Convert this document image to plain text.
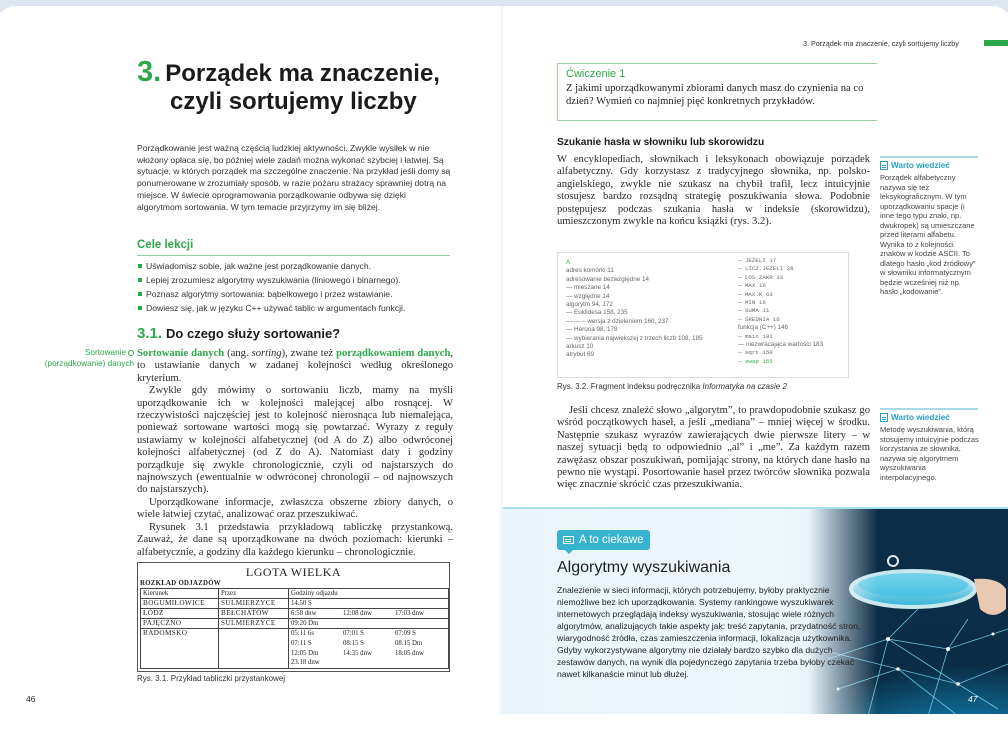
3. Porządek ma znaczenie,
czyli sortujemy liczby

Porządkowanie jest ważną częścią ludzkiej aktywności. Zwykle wysiłek w nie włożony opłaca się, bo później wiele zadań można wykonać szybciej i łatwiej. Są sytuacje, w których porządek ma szczególne znaczenie. Na przykład jeśli domy są ponumerowane w zrozumiały sposób, w razie pożaru strażacy sprawniej dotrą na miejsce. W świecie oprogramowania porządkowanie odbywa się dzięki algorytmom sortowania. W tym temacie przyjrzymy im się bliżej.

Cele lekcji
Uświadomisz sobie, jak ważne jest porządkowanie danych.
Lepiej zrozumiesz algorytmy wyszukiwania (liniowego i binarnego).
Poznasz algorytmy sortowania: bąbelkowego i przez wstawianie.
Dowiesz się, jak w języku C++ używać tablic w argumentach funkcji.
3.1. Do czego służy sortowanie?
Sortowanie
(porządkowanie) danych

Sortowanie danych (ang. sorting), zwane też porządkowaniem danych, to ustawianie danych w zadanej kolejności według określonego kryterium.

Zwykle gdy mówimy o sortowaniu liczb, mamy na myśli uporządkowanie ich w kolejności malejącej albo rosnącej. W rzeczywistości najczęściej jest to kolejność nierosnąca lub niemalejąca, ponieważ sortowane wartości mogą się powtarzać. Wyrazy z reguły ustawiamy w kolejności alfabetycznej (od A do Z) albo odwróconej kolejności alfabetycznej (od Z do A). Natomiast daty i godziny porządkuje się zwykle chronologicznie, czyli od najstarszych do najnowszych (ewentualnie w odwróconej chronologii – od najnowszych do najstarszych).

Uporządkowane informacje, zwłaszcza obszerne zbiory danych, o wiele łatwiej czytać, analizować oraz przeszukiwać.

Rysunek 3.1 przedstawia przykładową tabliczkę przystankową. Zauważ, że dane są uporządkowane na dwóch poziomach: kierunki – alfabetycznie, a godziny dla każdego kierunku – chronologicznie.

LGOTA WIELKA
ROZKŁAD ODJAZDÓW
Kierunek	Przez	Godziny odjazdu
BOGUMIŁOWICE	SULMIERZYCE	14.50 S
ŁÓDŹ	BEŁCHATÓW	6:58 dnw 12:08 dnw 17:03 dnw
PAJĘCZNO	SULMIERZYCE	09:20 Dm
RADOMSKO		05:11 6s 07:01 S 07:09 S
07:11 S 08:15 S 08.15 Dm
12:05 Dm 14:35 dnw 18:05 dnw
23.18 dnw
Rys. 3.1. Przykład tabliczki przystankowej
46
3. Porządek ma znaczenie, czyli sortujemy liczby
Ćwiczenie 1
Z jakimi uporządkowanymi zbiorami danych masz do czynienia na co dzień? Wymień co najmniej pięć konkretnych przykładów.
Szukanie hasła w słowniku lub skorowidzu

W encyklopediach, słownikach i leksykonach obowiązuje porządek alfabetyczny. Gdy korzystasz z tradycyjnego słownika, np. polsko-angielskiego, zwykle nie szukasz na chybił trafił, lecz intuicyjnie stosujesz bardzo rozsądną strategię poszukiwania słowa. Podobnie postępujesz podczas szukania hasła w indeksie (skorowidzu), umieszczonym zwykle na końcu książki (rys. 3.2).

A
adres komórki 11
adresowanie bezwzględne 14
— mieszane 14
— względne 14
algorytm 94, 172
— Euklidesa 158, 235
— — – wersja z dzieleniem 160, 237
— Herona 98, 178
— wybierania największej z trzech liczb 108, 185
arkusz 10
atrybut 69
— JEŻELI 17
— LICZ.JEŻELI 28
— LOS.ZAKR 33
— MAX 16
— MAX.K 63
— MIN 16
— SUMA 11
— ŚREDNIA 16
funkcja (C++) 146
— main 101
— niezwracająca wartości 183
— sqrt 150
— swap 155
Rys. 3.2. Fragment indeksu podręcznika Informatyka na czasie 2

Jeśli chcesz znaleźć słowo „algorytm”, to prawdopodobnie szukasz go wśród początkowych haseł, a jeśli „mediana” – mniej więcej w środku. Następnie szukasz wyrazów zawierających dwie pierwsze litery – w naszej sytuacji będą to odpowiednio „al” i „me”. Za każdym razem zawężasz obszar poszukiwań, pomijając strony, na których dane hasło na pewno nie wystąpi. Posortowanie haseł przez twórców słownika pozwala więc znacznie skrócić czas przeszukiwania.

Warto wiedzieć
Porządek alfabetyczny nazywa się też leksykograficznym. W tym uporządkowaniu spacje (i inne tego typu znaki, np. dwukropek) są umieszczane przed literami alfabetu. Wynika to z kolejności znaków w kodzie ASCII. To dlatego hasło „kod źródłowy” w słowniku informatycznym będzie wcześniej niż np. hasło „kodowanie”.
Warto wiedzieć
Metodę wyszukiwania, którą stosujemy intuicyjnie podczas korzystania ze słownika, nazywa się algorytmem wyszukiwania interpolacyjnego.
A to ciekawe
Algorytmy wyszukiwania
Znalezienie w sieci informacji, których potrzebujemy, byłoby praktycznie niemożliwe bez ich uporządkowania. Systemy rankingowe wyszukiwarek internetowych przeglądają indeksy wyszukiwania, stosując wiele różnych algorytmów, analizujących takie aspekty jak: treść zapytania, przydatność stron, wiarygodność źródła, czas zamieszczenia informacji, lokalizacja użytkownika. Gdyby wykorzystywane algorytmy nie działały bardzo szybko dla dużych zestawów danych, na wynik dla pojedynczego zapytania trzeba byłoby czekać nawet kilkanaście minut lub dłużej.
47
